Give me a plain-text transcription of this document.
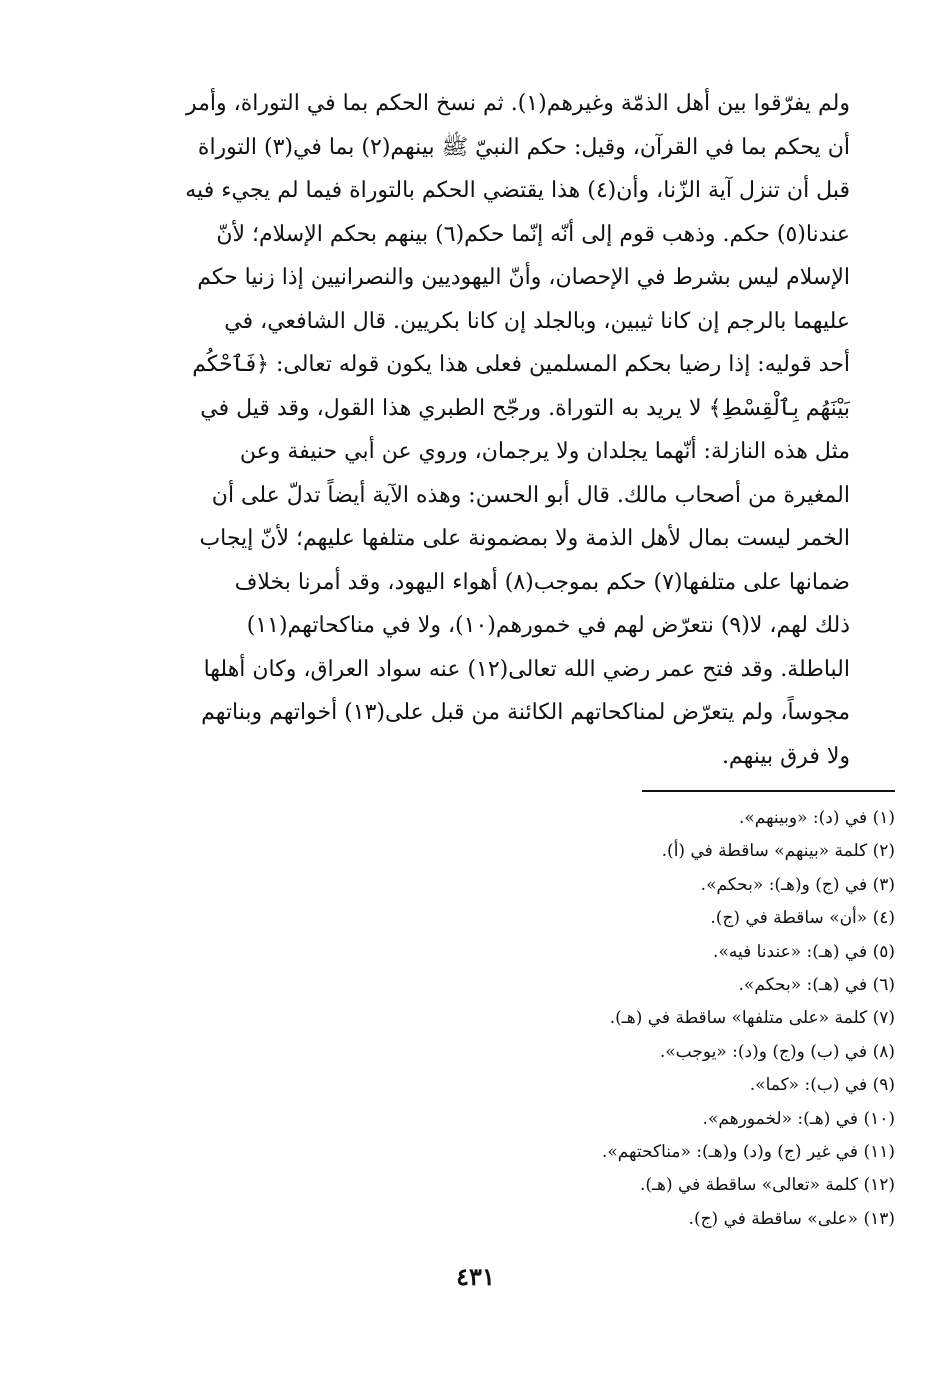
ولم يفرّقوا بين أهل الذمّة وغيرهم(١). ثم نسخ الحكم بما في التوراة، وأمر
أن يحكم بما في القرآن، وقيل: حكم النبيّ ﷺ بينهم(٢) بما في(٣) التوراة
قبل أن تنزل آية الزّنا، وأن(٤) هذا يقتضي الحكم بالتوراة فيما لم يجيء فيه
عندنا(٥) حكم. وذهب قوم إلى أنّه إنّما حكم(٦) بينهم بحكم الإسلام؛ لأنّ
الإسلام ليس بشرط في الإحصان، وأنّ اليهوديين والنصرانيين إذا زنيا حكم
عليهما بالرجم إن كانا ثيبين، وبالجلد إن كانا بكريين. قال الشافعي، في
أحد قوليه: إذا رضيا بحكم المسلمين فعلى هذا يكون قوله تعالى: ﴿فَٱحْكُم
بَيْنَهُم بِٱلْقِسْطِ﴾ لا يريد به التوراة. ورجّح الطبري هذا القول، وقد قيل في
مثل هذه النازلة: أنّهما يجلدان ولا يرجمان، وروي عن أبي حنيفة وعن
المغيرة من أصحاب مالك. قال أبو الحسن: وهذه الآية أيضاً تدلّ على أن
الخمر ليست بمال لأهل الذمة ولا بمضمونة على متلفها عليهم؛ لأنّ إيجاب
ضمانها على متلفها(٧) حكم بموجب(٨) أهواء اليهود، وقد أمرنا بخلاف
ذلك لهم، لا(٩) نتعرّض لهم في خمورهم(١٠)، ولا في مناكحاتهم(١١)
الباطلة. وقد فتح عمر رضي الله تعالى(١٢) عنه سواد العراق، وكان أهلها
مجوساً، ولم يتعرّض لمناكحاتهم الكائنة من قبل على(١٣) أخواتهم وبناتهم
ولا فرق بينهم.
(١) في (د): «وبينهم».
(٢) كلمة «بينهم» ساقطة في (أ).
(٣) في (ج) و(هـ): «بحكم».
(٤) «أن» ساقطة في (ج).
(٥) في (هـ): «عندنا فيه».
(٦) في (هـ): «بحكم».
(٧) كلمة «على متلفها» ساقطة في (هـ).
(٨) في (ب) و(ج) و(د): «يوجب».
(٩) في (ب): «كما».
(١٠) في (هـ): «لخمورهم».
(١١) في غير (ج) و(د) و(هـ): «مناكحتهم».
(١٢) كلمة «تعالى» ساقطة في (هـ).
(١٣) «على» ساقطة في (ج).
٤٣١
